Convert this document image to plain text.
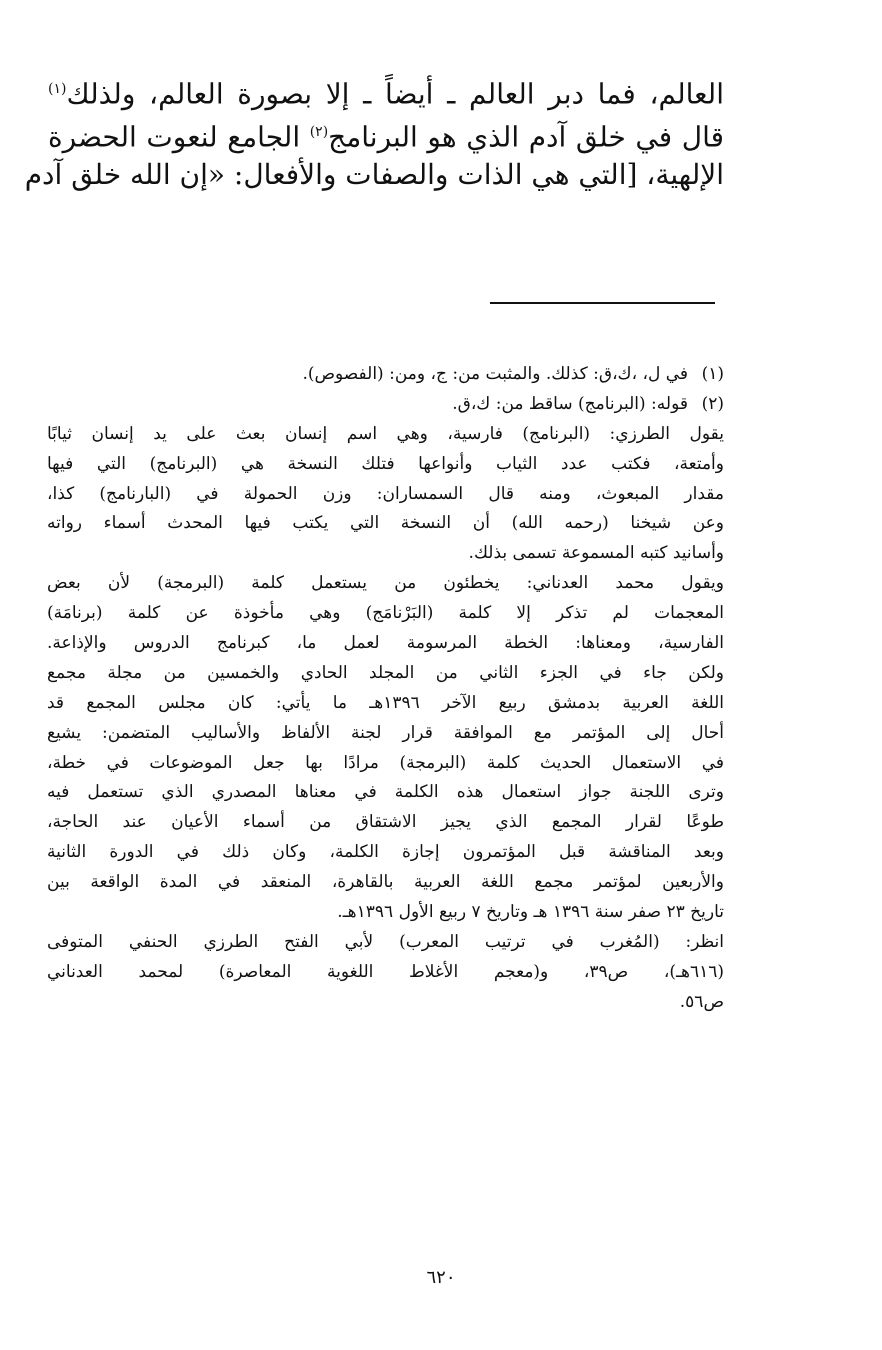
العالم، فما دبر العالم ـ أيضاً ـ إلا بصورة العالم، ولذلك$^{(١)}$
قال في خلق آدم الذي هو البرنامج$^{(٢)}$ الجامع لنعوت الحضرة
الإلهية، [التي هي الذات والصفات والأفعال: «إن الله خلق آدم
(١)في ل، ،ك،ق: كذلك. والمثبت من: ج، ومن: (الفصوص).
(٢)قوله: (البرنامج) ساقط من: ك،ق.
يقول الطرزي: (البرنامج) فارسية، وهي اسم إنسان بعث على يد إنسان ثيابًا
وأمتعة، فكتب عدد الثياب وأنواعها فتلك النسخة هي (البرنامج) التي فيها
مقدار المبعوث، ومنه قال السمساران: وزن الحمولة في (البارنامج) كذا،
وعن شيخنا (رحمه الله) أن النسخة التي يكتب فيها المحدث أسماء رواته
وأسانيد كتبه المسموعة تسمى بذلك.
ويقول محمد العدناني: يخطئون من يستعمل كلمة (البرمجة) لأن بعض
المعجمات لم تذكر إلا كلمة (البَرْنامَج) وهي مأخوذة عن كلمة (برنامَة)
الفارسية، ومعناها: الخطة المرسومة لعمل ما، كبرنامج الدروس والإذاعة.
ولكن جاء في الجزء الثاني من المجلد الحادي والخمسين من مجلة مجمع
اللغة العربية بدمشق ربيع الآخر ١٣٩٦هـ ما يأتي: كان مجلس المجمع قد
أحال إلى المؤتمر مع الموافقة قرار لجنة الألفاظ والأساليب المتضمن: يشيع
في الاستعمال الحديث كلمة (البرمجة) مرادًا بها جعل الموضوعات في خطة،
وترى اللجنة جواز استعمال هذه الكلمة في معناها المصدري الذي تستعمل فيه
طوعًا لقرار المجمع الذي يجيز الاشتقاق من أسماء الأعيان عند الحاجة،
وبعد المناقشة قبل المؤتمرون إجازة الكلمة، وكان ذلك في الدورة الثانية
والأربعين لمؤتمر مجمع اللغة العربية بالقاهرة، المنعقد في المدة الواقعة بين
تاريخ ٢٣ صفر سنة ١٣٩٦ هـ وتاريخ ٧ ربيع الأول ١٣٩٦هـ.
انظر: (المُغرب في ترتيب المعرب) لأبي الفتح الطرزي الحنفي المتوفى
(٦١٦هـ)، ص٣٩، و(معجم الأغلاط اللغوية المعاصرة) لمحمد العدناني
ص٥٦.
٦٢٠
